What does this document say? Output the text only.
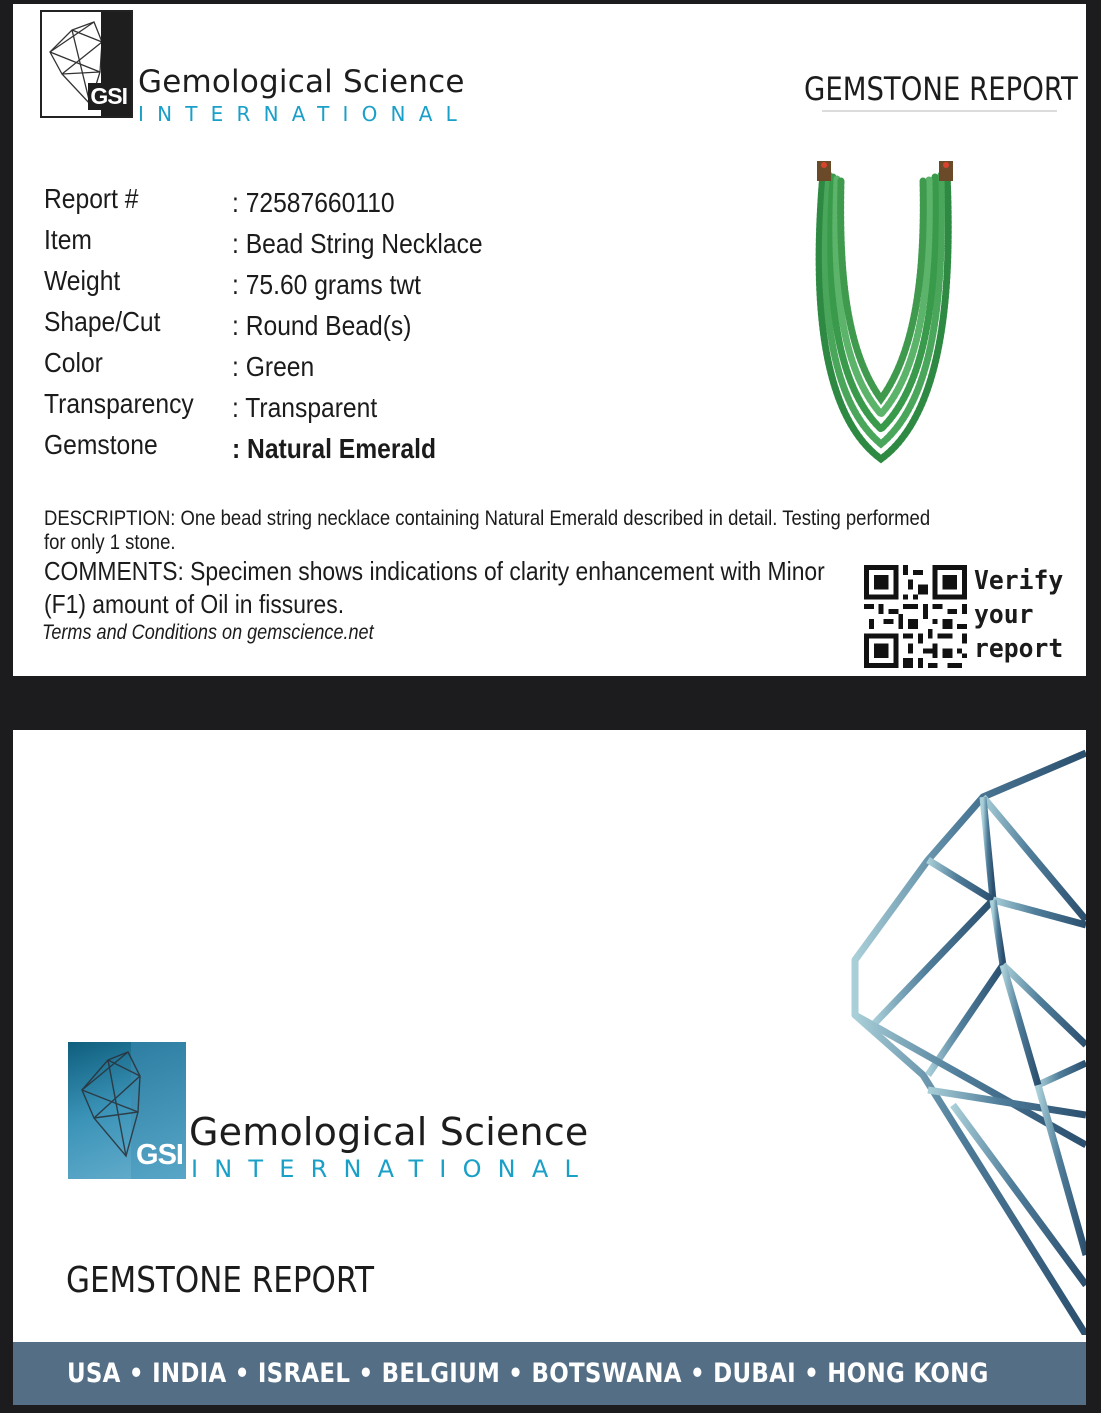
GSI Gemological Science
INTERNATIONAL
GEMSTONE REPORT
Report #	: 72587660110
Item	: Bead String Necklace
Weight	: 75.60 grams twt
Shape/Cut	: Round Bead(s)
Color	: Green
Transparency : Transparent
Gemstone	: Natural Emerald
DESCRIPTION: One bead string necklace containing Natural Emerald described in detail. Testing performed
for only 1 stone.
COMMENTS: Specimen shows indications of clarity enhancement with Minor
(F1) amount of Oil in fissures.
Terms and Conditions on gemscience.net
Verify
your
report
GSI
Gemological Science
INTERNATIONAL
GEMSTONE REPORT
USA • INDIA • ISRAEL • BELGIUM • BOTSWANA • DUBAI • HONG KONG
